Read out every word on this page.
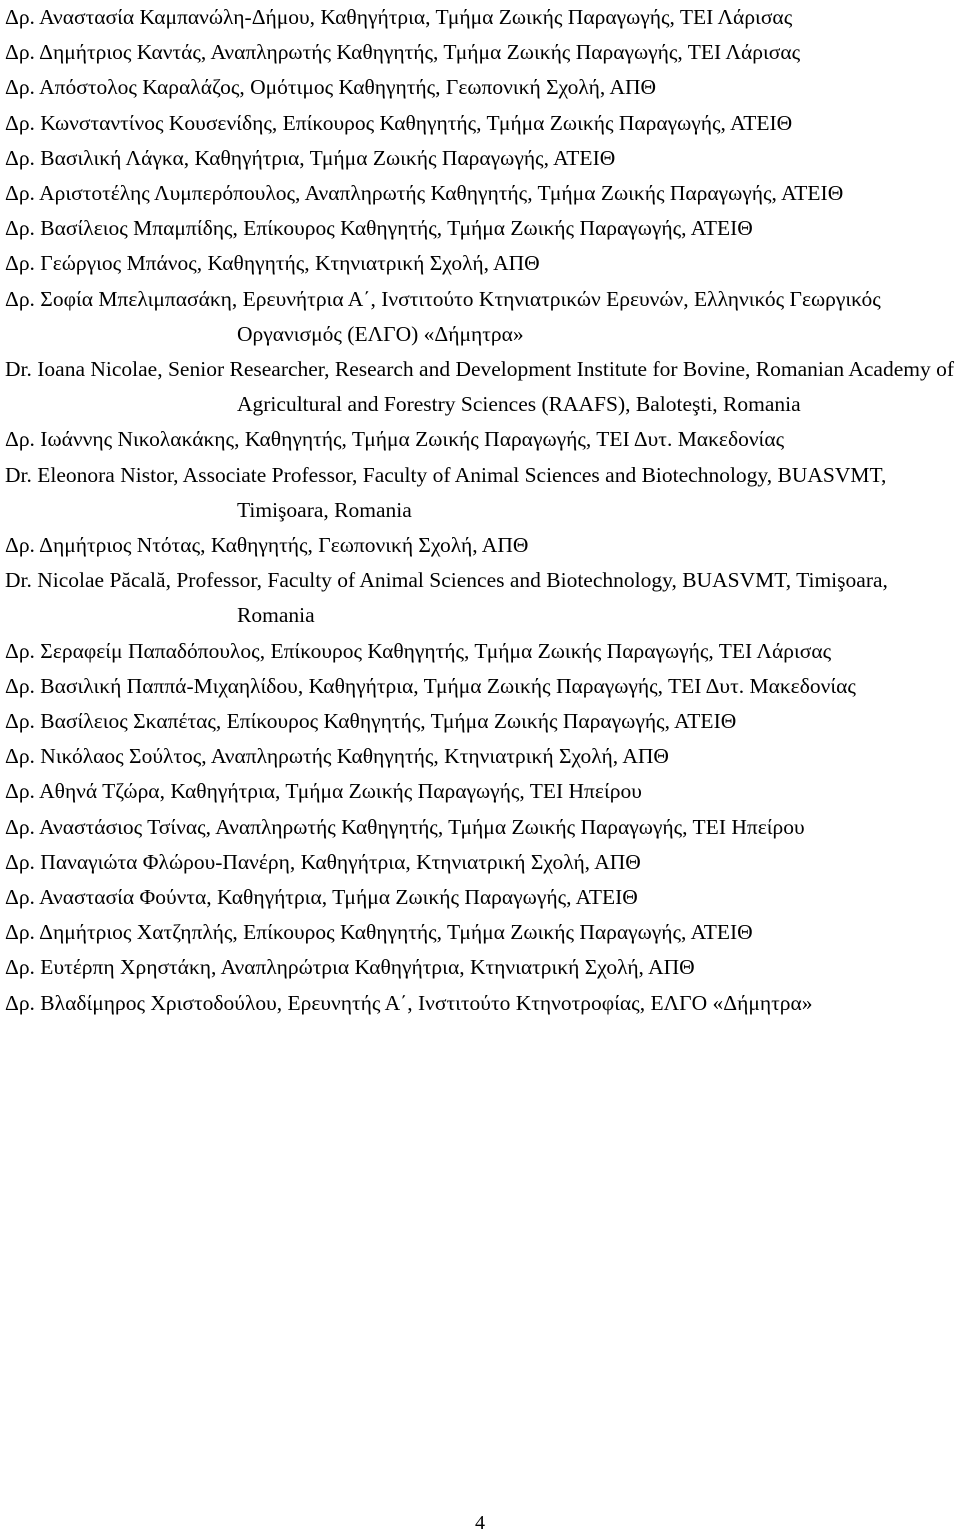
Δρ. Αναστασία Καμπανώλη-Δήμου, Καθηγήτρια, Τμήμα Ζωικής Παραγωγής, ΤΕΙ Λάρισας
Δρ. Δημήτριος Καντάς, Αναπληρωτής Καθηγητής, Τμήμα Ζωικής Παραγωγής, ΤΕΙ Λάρισας
Δρ. Απόστολος Καραλάζος, Ομότιμος Καθηγητής, Γεωπονική Σχολή, ΑΠΘ
Δρ. Κωνσταντίνος Κουσενίδης, Επίκουρος Καθηγητής, Τμήμα Ζωικής Παραγωγής, ΑΤΕΙΘ
Δρ. Βασιλική Λάγκα, Καθηγήτρια, Τμήμα Ζωικής Παραγωγής, ΑΤΕΙΘ
Δρ. Αριστοτέλης Λυμπερόπουλος, Αναπληρωτής Καθηγητής, Τμήμα Ζωικής Παραγωγής, ΑΤΕΙΘ
Δρ. Βασίλειος Μπαμπίδης, Επίκουρος Καθηγητής, Τμήμα Ζωικής Παραγωγής, ΑΤΕΙΘ
Δρ. Γεώργιος Μπάνος, Καθηγητής, Κτηνιατρική Σχολή, ΑΠΘ
Δρ. Σοφία Μπελιμπασάκη, Ερευνήτρια Α΄, Ινστιτούτο Κτηνιατρικών Ερευνών, Ελληνικός Γεωργικός Οργανισμός (ΕΛΓΟ) «Δήμητρα»
Dr. Ioana Nicolae, Senior Researcher, Research and Development Institute for Bovine, Romanian Academy of Agricultural and Forestry Sciences (RAAFS), Baloteşti, Romania
Δρ. Ιωάννης Νικολακάκης, Καθηγητής, Τμήμα Ζωικής Παραγωγής, ΤΕΙ Δυτ. Μακεδονίας
Dr. Eleonora Nistor, Associate Professor, Faculty of Animal Sciences and Biotechnology, BUASVMT, Timişoara, Romania
Δρ. Δημήτριος Ντότας, Καθηγητής, Γεωπονική Σχολή, ΑΠΘ
Dr. Nicolae Păcală, Professor, Faculty of Animal Sciences and Biotechnology, BUASVMT, Timişoara, Romania
Δρ. Σεραφείμ Παπαδόπουλος, Επίκουρος Καθηγητής, Τμήμα Ζωικής Παραγωγής, ΤΕΙ Λάρισας
Δρ. Βασιλική Παππά-Μιχαηλίδου, Καθηγήτρια, Τμήμα Ζωικής Παραγωγής, ΤΕΙ Δυτ. Μακεδονίας
Δρ. Βασίλειος Σκαπέτας, Επίκουρος Καθηγητής, Τμήμα Ζωικής Παραγωγής, ΑΤΕΙΘ
Δρ. Νικόλαος Σούλτος, Αναπληρωτής Καθηγητής, Κτηνιατρική Σχολή, ΑΠΘ
Δρ. Αθηνά Τζώρα, Καθηγήτρια, Τμήμα Ζωικής Παραγωγής, ΤΕΙ Ηπείρου
Δρ. Αναστάσιος Τσίνας, Αναπληρωτής Καθηγητής, Τμήμα Ζωικής Παραγωγής, ΤΕΙ Ηπείρου
Δρ. Παναγιώτα Φλώρου-Πανέρη, Καθηγήτρια, Κτηνιατρική Σχολή, ΑΠΘ
Δρ. Αναστασία Φούντα, Καθηγήτρια, Τμήμα Ζωικής Παραγωγής, ΑΤΕΙΘ
Δρ. Δημήτριος Χατζηπλής, Επίκουρος Καθηγητής, Τμήμα Ζωικής Παραγωγής, ΑΤΕΙΘ
Δρ. Ευτέρπη Χρηστάκη, Αναπληρώτρια Καθηγήτρια, Κτηνιατρική Σχολή, ΑΠΘ
Δρ. Βλαδίμηρος Χριστοδούλου, Ερευνητής Α΄, Ινστιτούτο Κτηνοτροφίας, ΕΛΓΟ «Δήμητρα»
4
